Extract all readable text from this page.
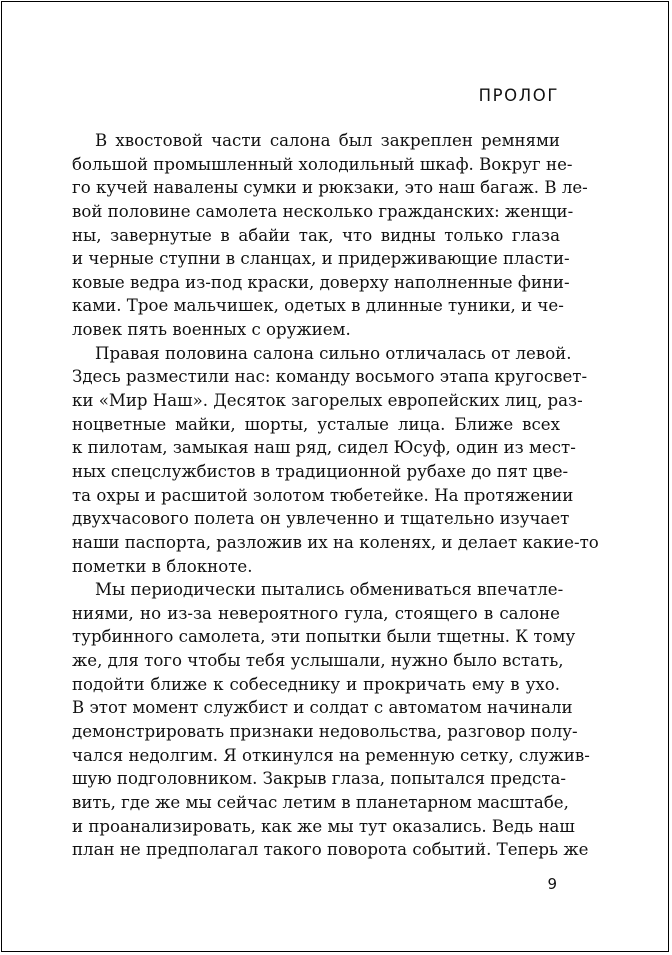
ПРОЛОГ
В хвостовой части салона был закреплен ремнями
большой промышленный холодильный шкаф. Вокруг не-
го кучей навалены сумки и рюкзаки, это наш багаж. В ле-
вой половине самолета несколько гражданских: женщи-
ны, завернутые в абайи так, что видны только глаза
и черные ступни в сланцах, и придерживающие пласти-
ковые ведра из-под краски, доверху наполненные фини-
ками. Трое мальчишек, одетых в длинные туники, и че-
ловек пять военных с оружием.
Правая половина салона сильно отличалась от левой.
Здесь разместили нас: команду восьмого этапа кругосвет-
ки «Мир Наш». Десяток загорелых европейских лиц, раз-
ноцветные майки, шорты, усталые лица. Ближе всех
к пилотам, замыкая наш ряд, сидел Юсуф, один из мест-
ных спецслужбистов в традиционной рубахе до пят цве-
та охры и расшитой золотом тюбетейке. На протяжении
двухчасового полета он увлеченно и тщательно изучает
наши паспорта, разложив их на коленях, и делает какие-то
пометки в блокноте.
Мы периодически пытались обмениваться впечатле-
ниями, но из-за невероятного гула, стоящего в салоне
турбинного самолета, эти попытки были тщетны. К тому
же, для того чтобы тебя услышали, нужно было встать,
подойти ближе к собеседнику и прокричать ему в ухо.
В этот момент службист и солдат с автоматом начинали
демонстрировать признаки недовольства, разговор полу-
чался недолгим. Я откинулся на ременную сетку, служив-
шую подголовником. Закрыв глаза, попытался предста-
вить, где же мы сейчас летим в планетарном масштабе,
и проанализировать, как же мы тут оказались. Ведь наш
план не предполагал такого поворота событий. Теперь же
9
